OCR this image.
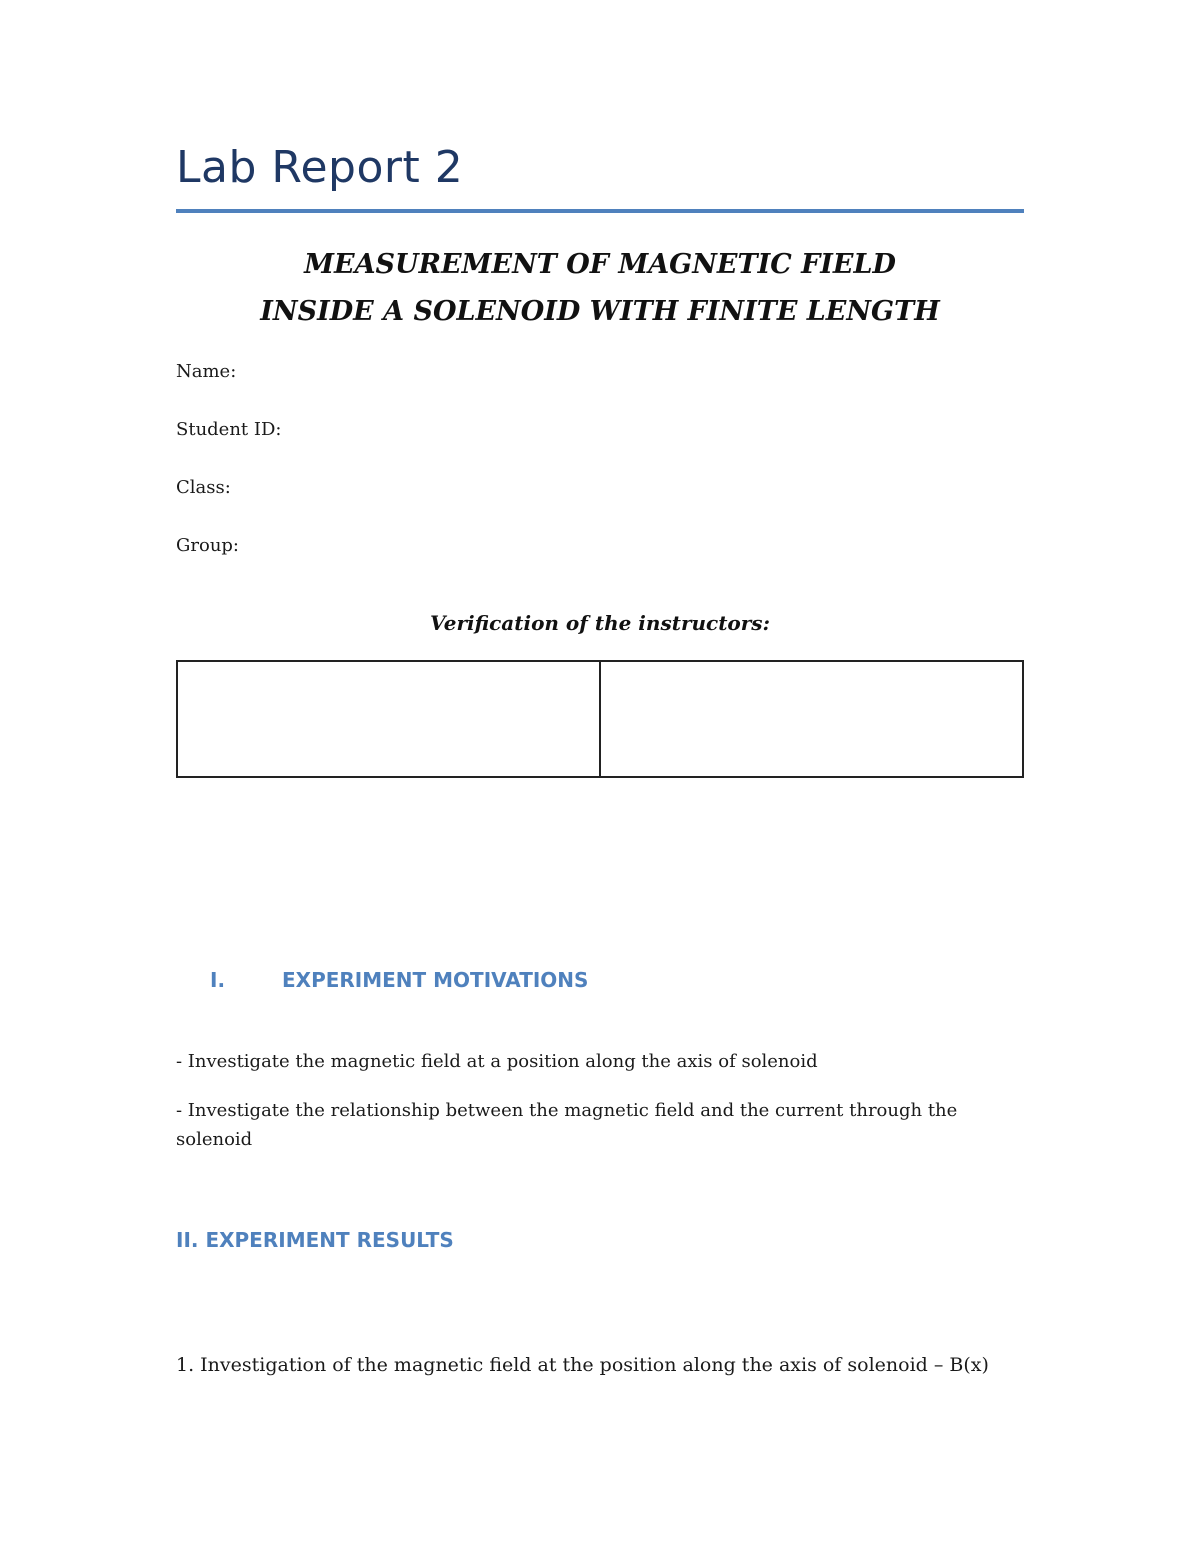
Lab Report 2
MEASUREMENT OF MAGNETIC FIELD
INSIDE A SOLENOID WITH FINITE LENGTH
Name:
Student ID:
Class:
Group:
Verification of the instructors:

I.	EXPERIMENT MOTIVATIONS
- Investigate the magnetic field at a position along the axis of solenoid
- Investigate the relationship between the magnetic field and the current through the solenoid
II. EXPERIMENT RESULTS
1. Investigation of the magnetic field at the position along the axis of solenoid – B(x)
